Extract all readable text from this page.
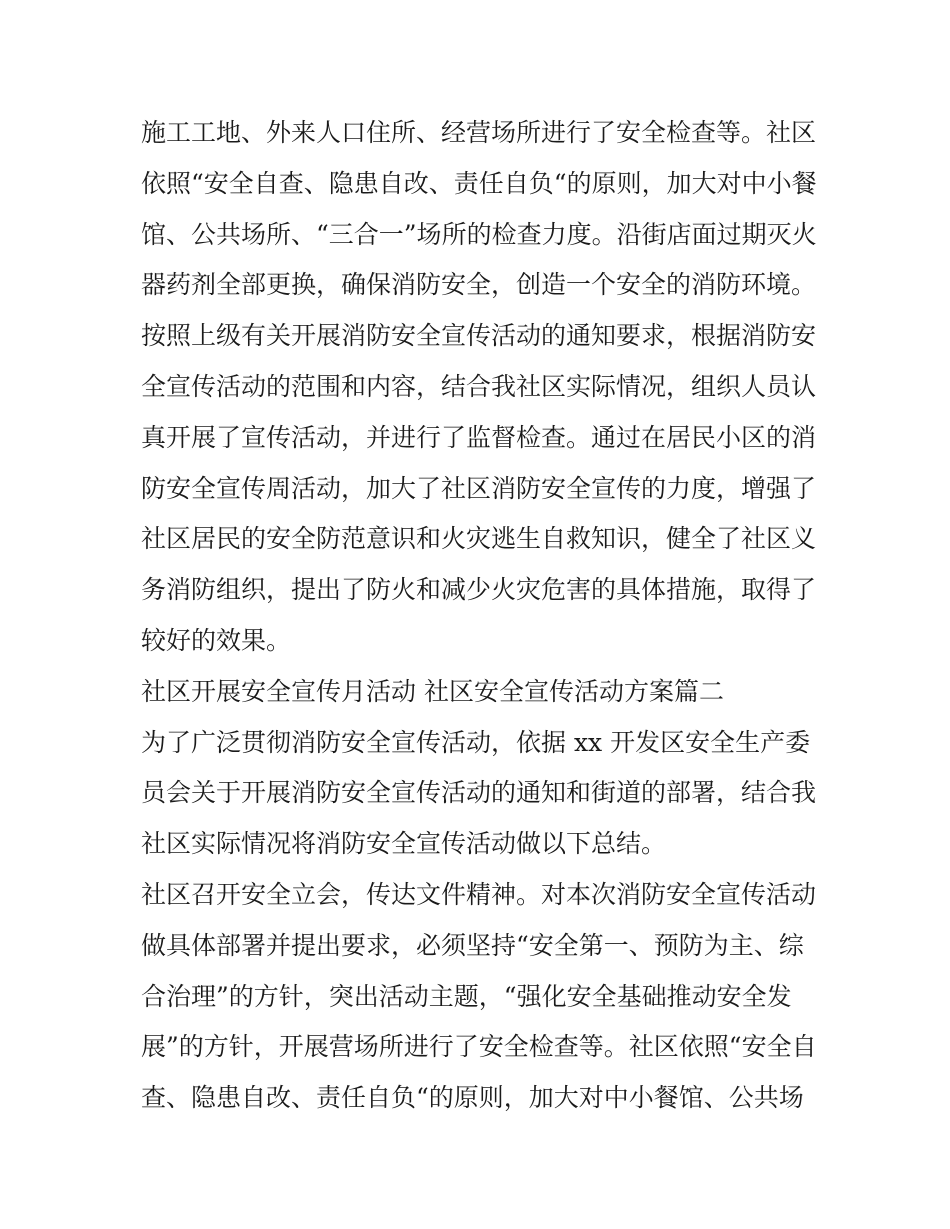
施工工地、外来人口住所、经营场所进行了安全检查等。社区
依照“安全自查、隐患自改、责任自负“的原则，加大对中小餐
馆、公共场所、“三合一”场所的检查力度。沿街店面过期灭火
器药剂全部更换，确保消防安全，创造一个安全的消防环境。
按照上级有关开展消防安全宣传活动的通知要求，根据消防安
全宣传活动的范围和内容，结合我社区实际情况，组织人员认
真开展了宣传活动，并进行了监督检查。通过在居民小区的消
防安全宣传周活动，加大了社区消防安全宣传的力度，增强了
社区居民的安全防范意识和火灾逃生自救知识，健全了社区义
务消防组织，提出了防火和减少火灾危害的具体措施，取得了
较好的效果。
社区开展安全宣传月活动 社区安全宣传活动方案篇二
为了广泛贯彻消防安全宣传活动，依据 xx 开发区安全生产委
员会关于开展消防安全宣传活动的通知和街道的部署，结合我
社区实际情况将消防安全宣传活动做以下总结。
社区召开安全立会，传达文件精神。对本次消防安全宣传活动
做具体部署并提出要求，必须坚持“安全第一、预防为主、综
合治理”的方针，突出活动主题，“强化安全基础推动安全发
展”的方针，开展营场所进行了安全检查等。社区依照“安全自
查、隐患自改、责任自负“的原则，加大对中小餐馆、公共场
